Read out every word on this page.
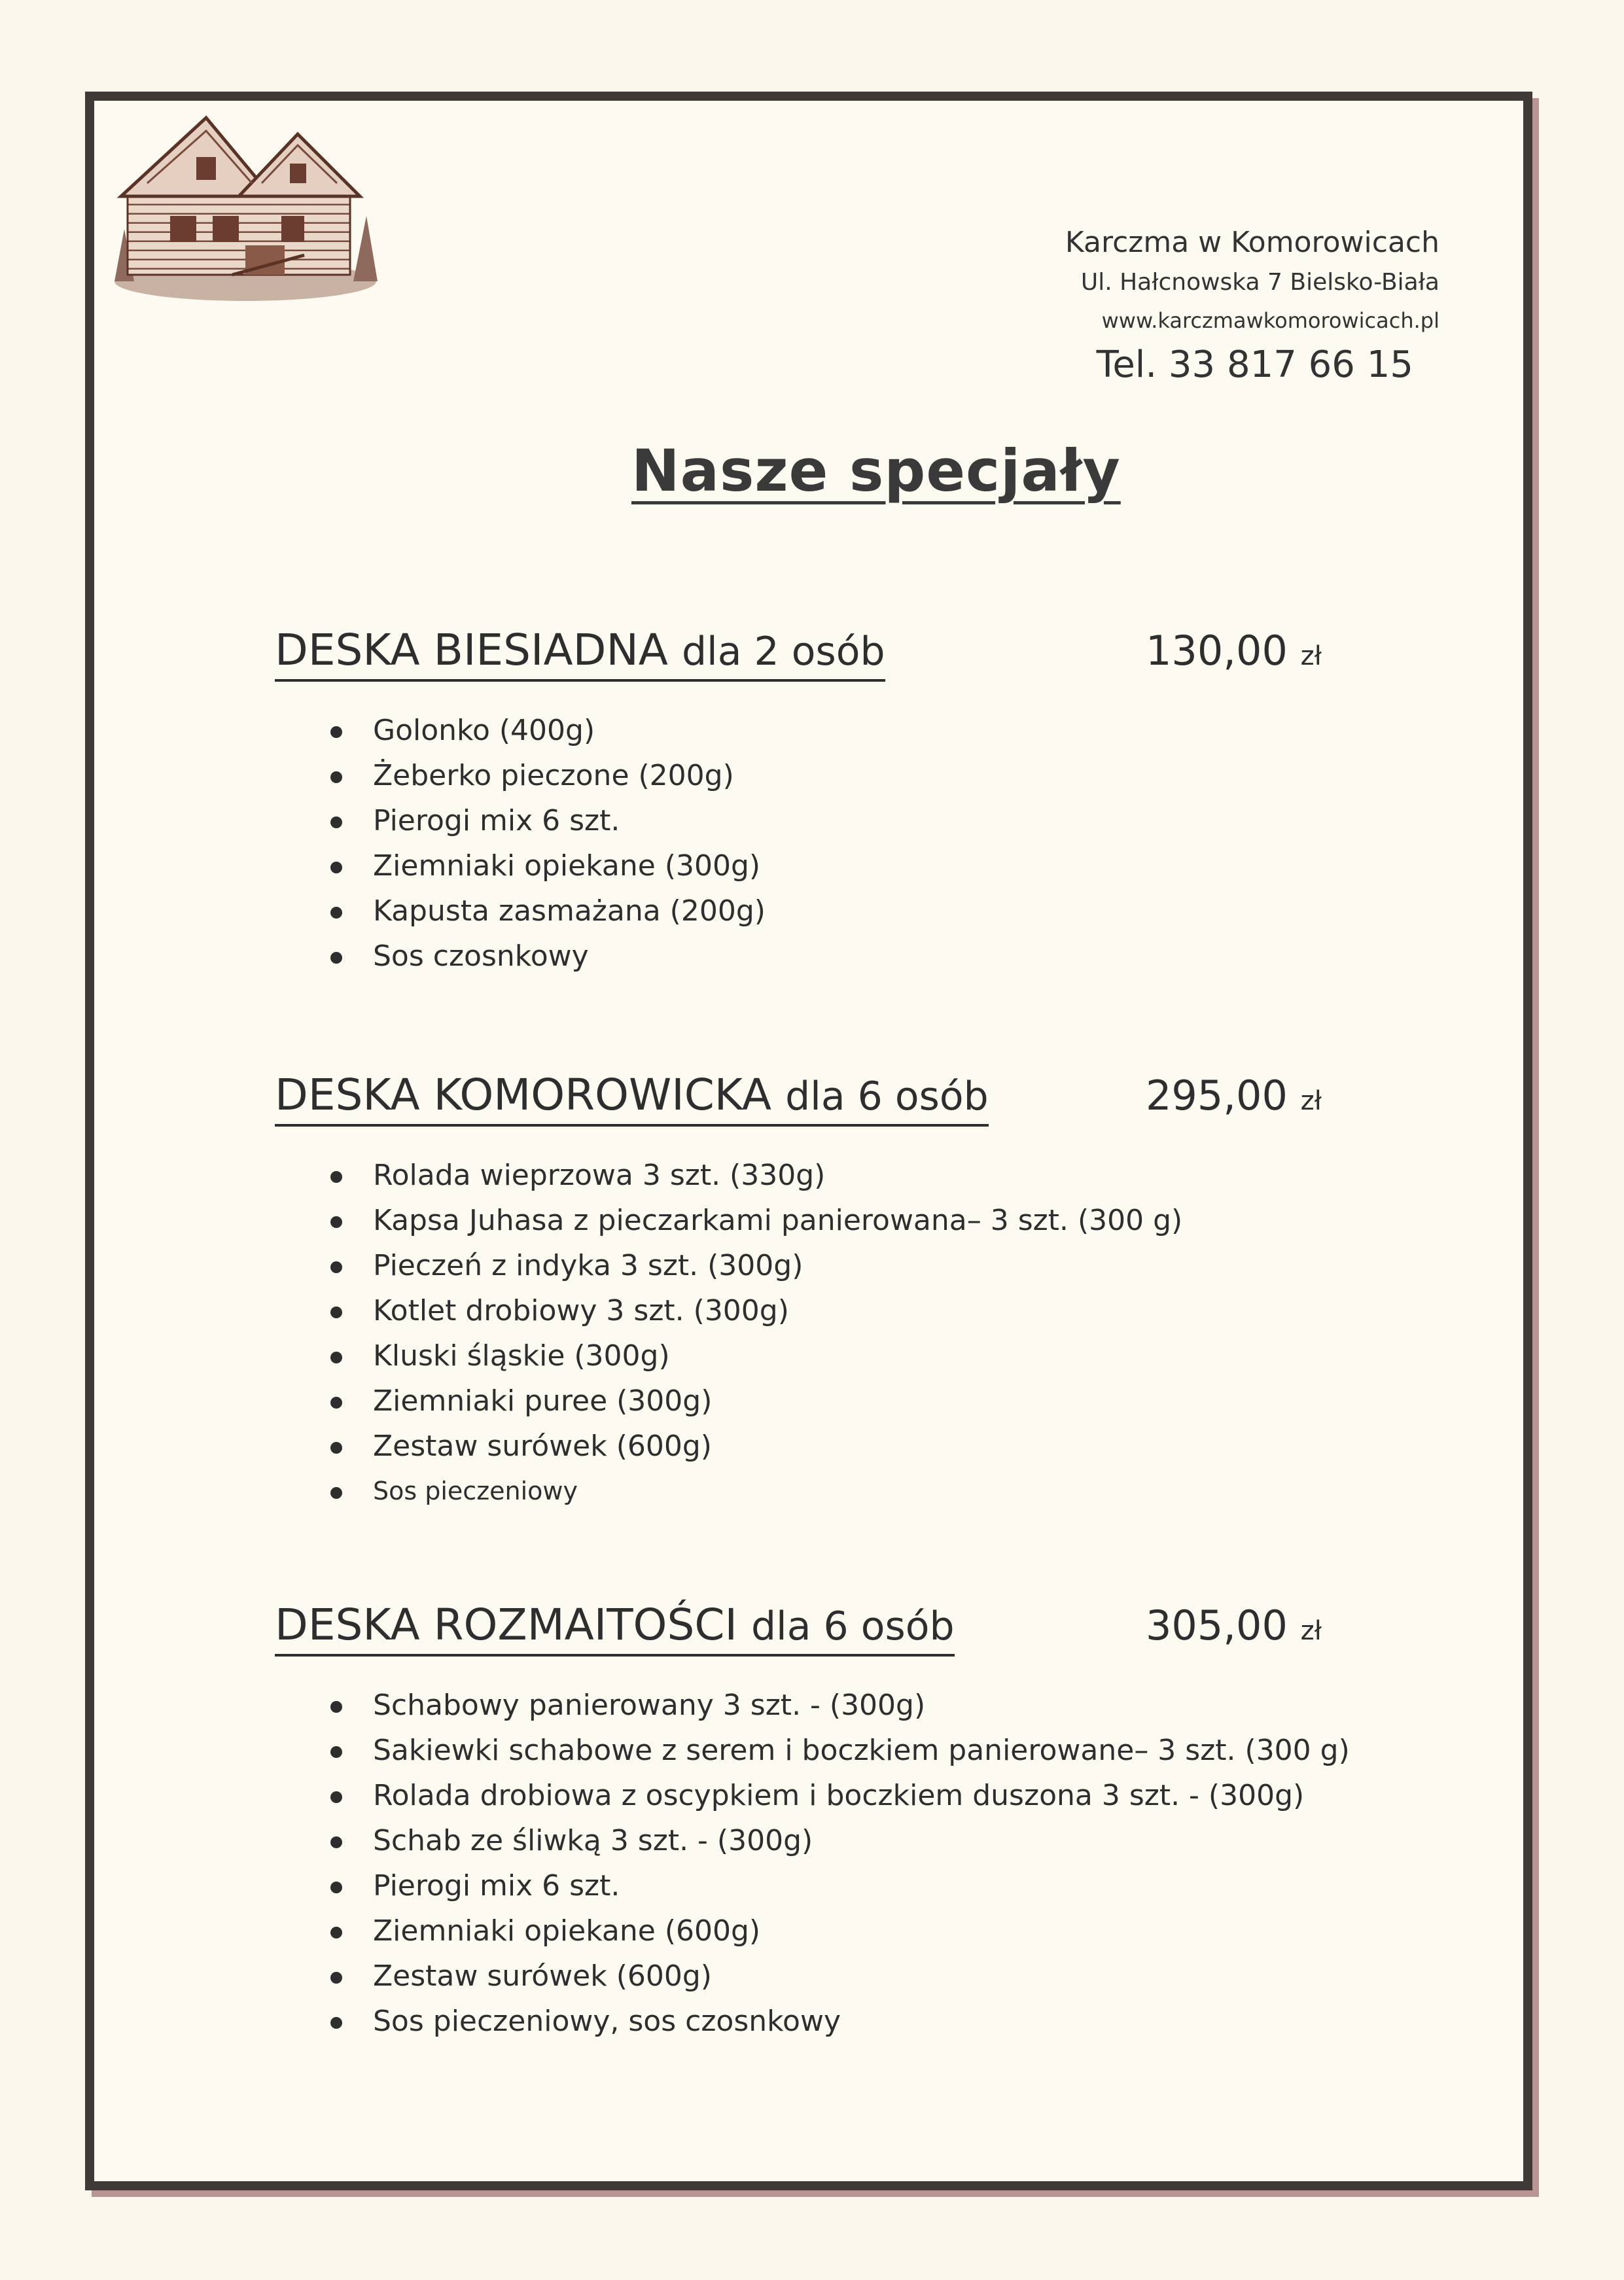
Karczma w Komorowicach
Ul. Hałcnowska 7 Bielsko-Biała
www.karczmawkomorowicach.pl
Tel. 33 817 66 15
Nasze specjały
DESKA BIESIADNA dla 2 osób	130,00 zł
Golonko (400g)
Żeberko pieczone (200g)
Pierogi mix 6 szt.
Ziemniaki opiekane (300g)
Kapusta zasmażana (200g)
Sos czosnkowy
DESKA KOMOROWICKA dla 6 osób	295,00 zł
Rolada wieprzowa 3 szt. (330g)
Kapsa Juhasa z pieczarkami panierowana– 3 szt. (300 g)
Pieczeń z indyka 3 szt. (300g)
Kotlet drobiowy 3 szt. (300g)
Kluski śląskie (300g)
Ziemniaki puree (300g)
Zestaw surówek (600g)
Sos pieczeniowy
DESKA ROZMAITOŚCI dla 6 osób	305,00 zł
Schabowy panierowany 3 szt. - (300g)
Sakiewki schabowe z serem i boczkiem panierowane– 3 szt. (300 g)
Rolada drobiowa z oscypkiem i boczkiem duszona 3 szt. - (300g)
Schab ze śliwką 3 szt. - (300g)
Pierogi mix 6 szt.
Ziemniaki opiekane (600g)
Zestaw surówek (600g)
Sos pieczeniowy, sos czosnkowy
